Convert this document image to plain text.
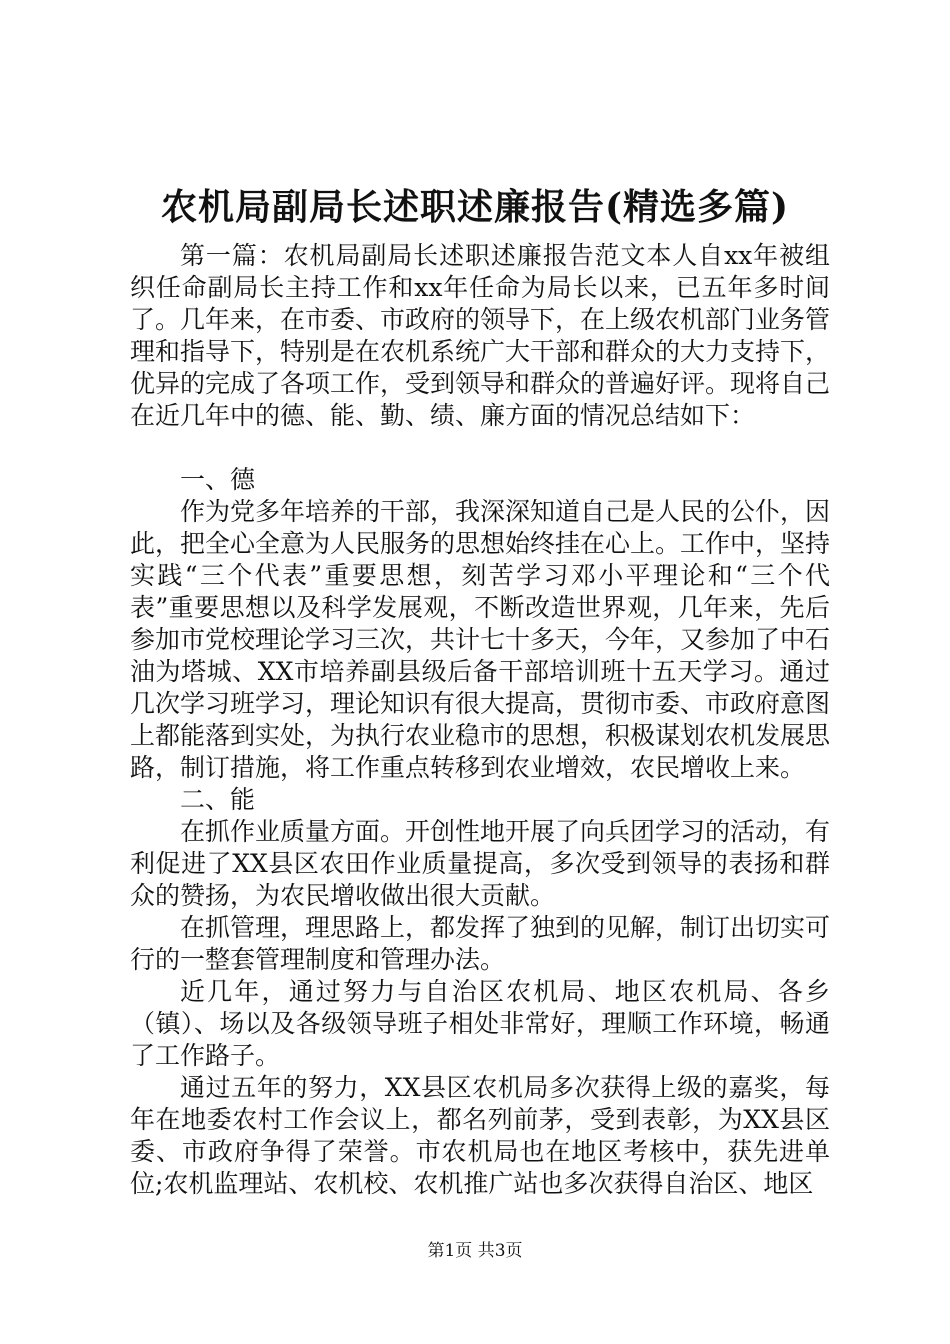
农机局副局长述职述廉报告(精选多篇)

第一篇：农机局副局长述职述廉报告范文本人自xx年被组织任命副局长主持工作和xx年任命为局长以来，已五年多时间了。几年来，在市委、市政府的领导下，在上级农机部门业务管理和指导下，特别是在农机系统广大干部和群众的大力支持下，优异的完成了各项工作，受到领导和群众的普遍好评。现将自己在近几年中的德、能、勤、绩、廉方面的情况总结如下：

一、德

作为党多年培养的干部，我深深知道自己是人民的公仆，因此，把全心全意为人民服务的思想始终挂在心上。工作中，坚持实践“三个代表”重要思想，刻苦学习邓小平理论和“三个代表”重要思想以及科学发展观，不断改造世界观，几年来，先后参加市党校理论学习三次，共计七十多天，今年，又参加了中石油为塔城、XX市培养副县级后备干部培训班十五天学习。通过几次学习班学习，理论知识有很大提高，贯彻市委、市政府意图上都能落到实处，为执行农业稳市的思想，积极谋划农机发展思路，制订措施，将工作重点转移到农业增效，农民增收上来。

二、能

在抓作业质量方面。开创性地开展了向兵团学习的活动，有利促进了XX县区农田作业质量提高，多次受到领导的表扬和群众的赞扬，为农民增收做出很大贡献。

在抓管理，理思路上，都发挥了独到的见解，制订出切实可行的一整套管理制度和管理办法。

近几年，通过努力与自治区农机局、地区农机局、各乡（镇）、场以及各级领导班子相处非常好，理顺工作环境，畅通了工作路子。

通过五年的努力，XX县区农机局多次获得上级的嘉奖，每年在地委农村工作会议上，都名列前茅，受到表彰，为XX县区委、市政府争得了荣誉。市农机局也在地区考核中，获先进单位;农机监理站、农机校、农机推广站也多次获得自治区、地区

第1页 共3页
